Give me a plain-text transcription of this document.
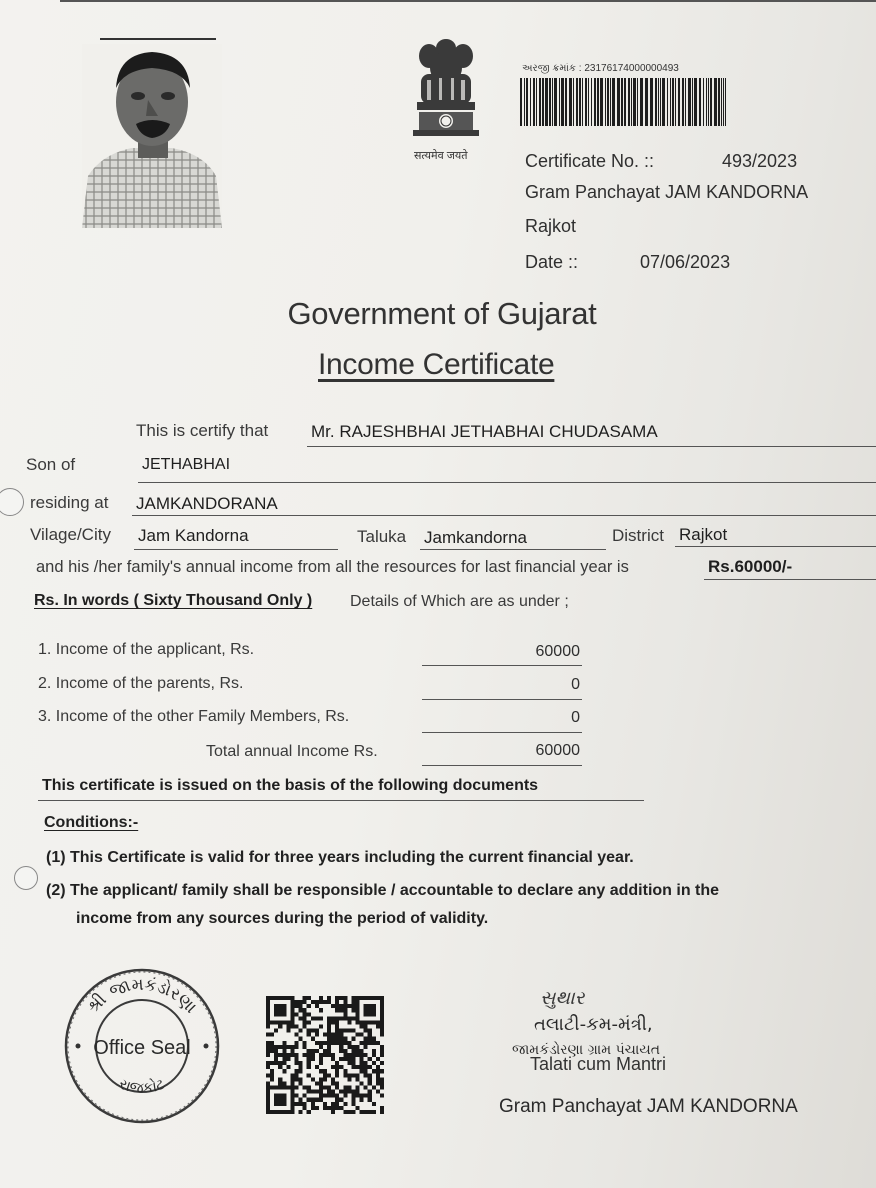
सत्यमेव जयते
અરજી ક્રમાંક : 23176174000000493
Certificate No. ::	493/2023
Gram Panchayat JAM KANDORNA
Rajkot
Date ::	07/06/2023
Government of Gujarat
Income Certificate
This is certify that	Mr. RAJESHBHAI JETHABHAI CHUDASAMA
Son of	JETHABHAI
residing at JAMKANDORANA
Vilage/City Jam Kandorna	Taluka Jamkandorna	District Rajkot
and his /her family's annual income from all the resources for last financial year is	Rs.60000/-
Rs. In words ( Sixty Thousand Only ) Details of Which are as under ;
1. Income of the applicant, Rs.	60000
2. Income of the parents, Rs.	0
3. Income of the other Family Members, Rs.	0
Total annual Income Rs.	60000
This certificate is issued on the basis of the following documents
Conditions:-
(1) This Certificate is valid for three years including the current financial year.
(2) The applicant/ family shall be responsible / accountable to declare any addition in the
income from any sources during the period of validity.
શ્રી જામકંડોરણા
રાજકોટ
Office Seal
સુથાર
તલાટી-કમ-મંત્રી,
જામકંડોરણા ગ્રામ પંચાયત
Talati cum Mantri
Gram Panchayat JAM KANDORNA
